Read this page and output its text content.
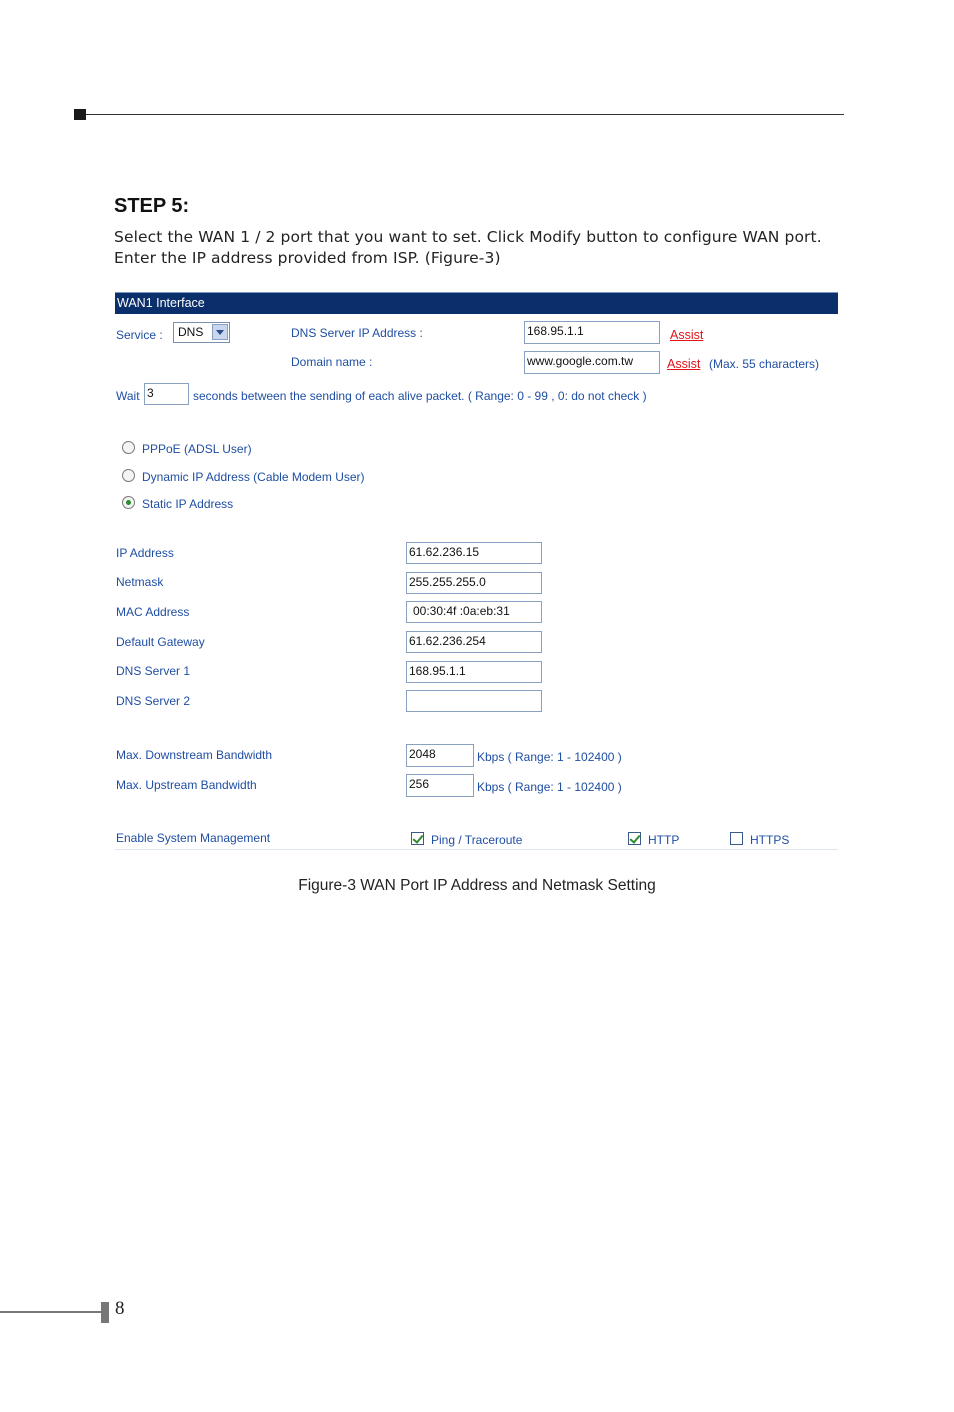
STEP 5:
Select the WAN 1 / 2 port that you want to set. Click Modify button to configure WAN port.
Enter the IP address provided from ISP. (Figure-3)
WAN1 Interface
Service : DNS	DNS Server IP Address :	168.95.1.1	Assist
Domain name :	www.google.com.tw	Assist (Max. 55 characters)
Wait 3	seconds between the sending of each alive packet. ( Range: 0 - 99 , 0: do not check )
PPPoE (ADSL User)
Dynamic IP Address (Cable Modem User)
Static IP Address
IP Address	61.62.236.15
Netmask	255.255.255.0
MAC Address	00:30:4f :0a:eb:31
Default Gateway	61.62.236.254
DNS Server 1	168.95.1.1
DNS Server 2
Max. Downstream Bandwidth	2048	Kbps ( Range: 1 - 102400 )
Max. Upstream Bandwidth	256	Kbps ( Range: 1 - 102400 )
Enable System Management	Ping / Traceroute	HTTP	HTTPS
Figure-3 WAN Port IP Address and Netmask Setting
8
